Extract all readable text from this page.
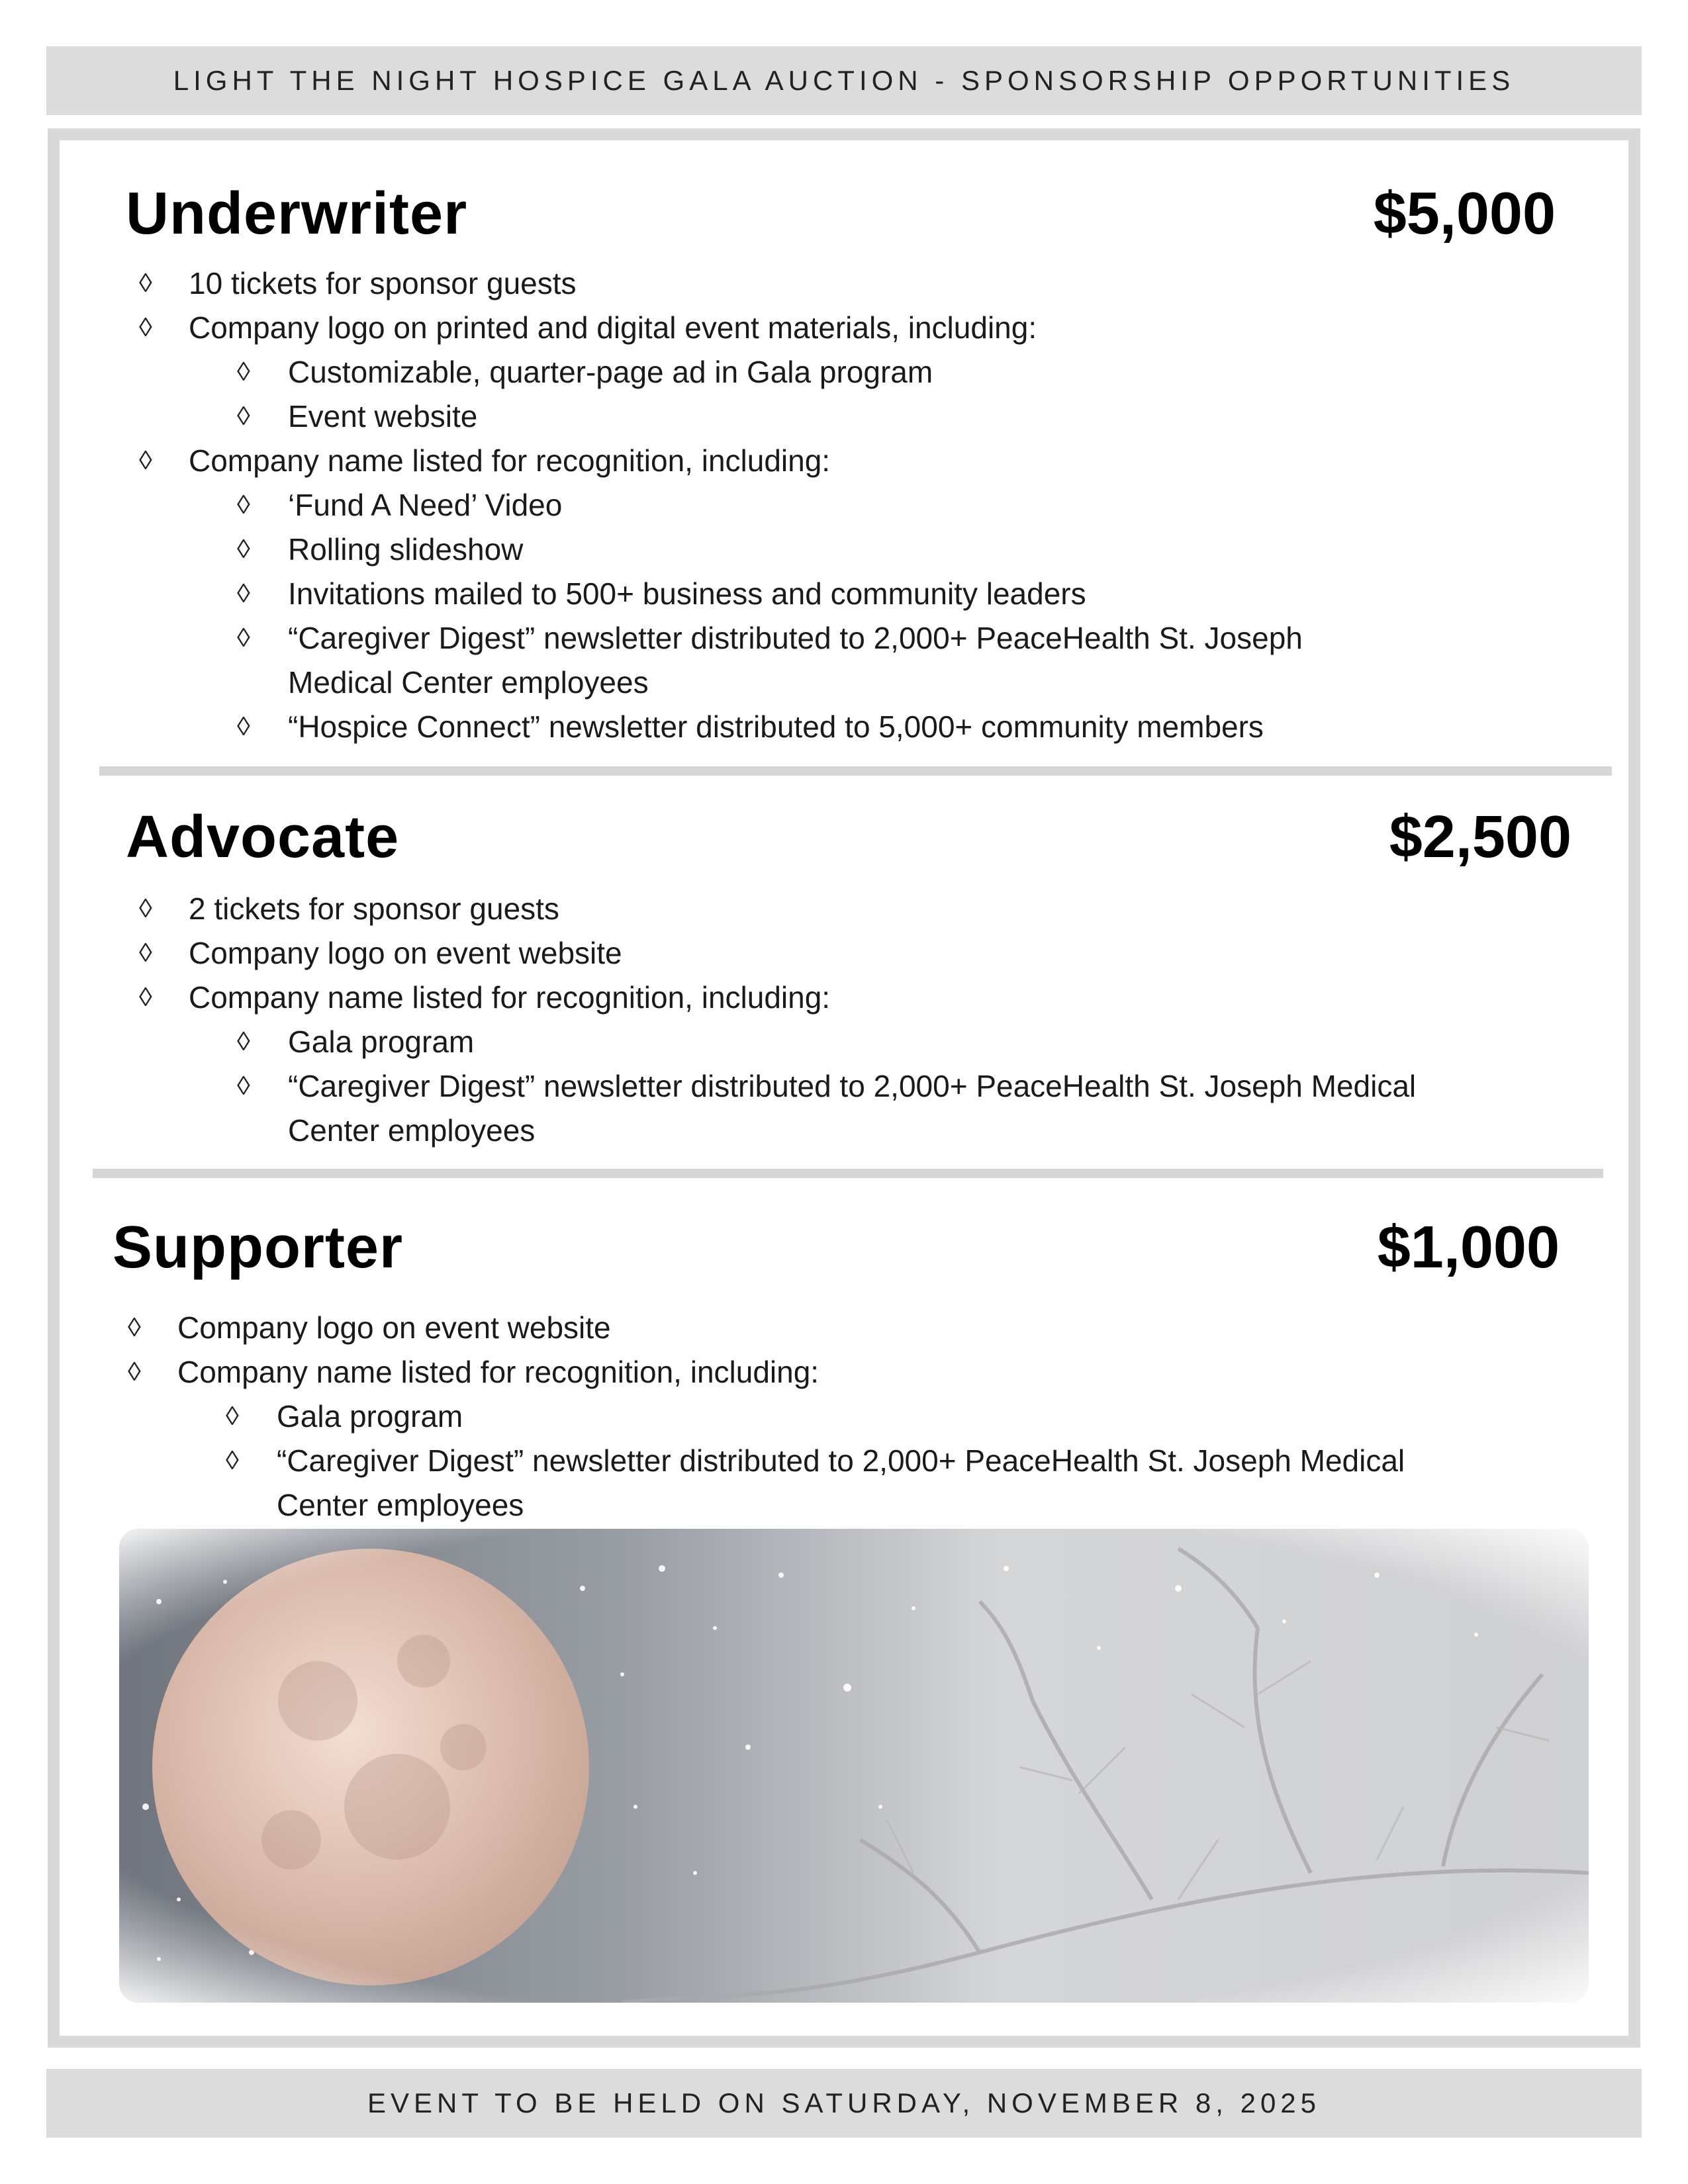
LIGHT THE NIGHT HOSPICE GALA AUCTION - SPONSORSHIP OPPORTUNITIES
Underwriter	$5,000
◊ 10 tickets for sponsor guests
◊ Company logo on printed and digital event materials, including:
◊ Customizable, quarter-page ad in Gala program
◊ Event website
◊ Company name listed for recognition, including:
◊ ‘Fund A Need’ Video
◊ Rolling slideshow
◊ Invitations mailed to 500+ business and community leaders
◊ “Caregiver Digest” newsletter distributed to 2,000+ PeaceHealth St. Joseph
Medical Center employees
◊ “Hospice Connect” newsletter distributed to 5,000+ community members
Advocate	$2,500
◊ 2 tickets for sponsor guests
◊ Company logo on event website
◊ Company name listed for recognition, including:
◊ Gala program
◊ “Caregiver Digest” newsletter distributed to 2,000+ PeaceHealth St. Joseph Medical
Center employees
Supporter	$1,000
◊ Company logo on event website
◊ Company name listed for recognition, including:
◊ Gala program
◊ “Caregiver Digest” newsletter distributed to 2,000+ PeaceHealth St. Joseph Medical
Center employees
EVENT TO BE HELD ON SATURDAY, NOVEMBER 8, 2025
